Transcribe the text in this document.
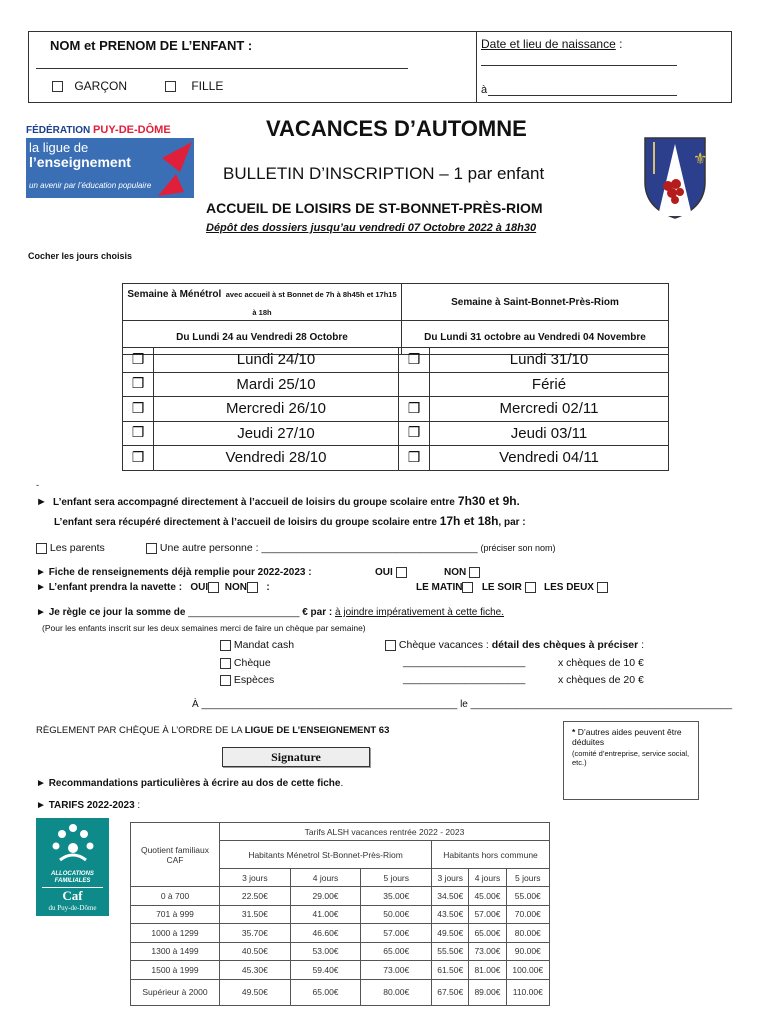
NOM et PRENOM DE L’ENFANT :
GARÇON	FILLE
Date et lieu de naissance :
à
FÉDÉRATION PUY-DE-DÔME
la ligue de
l’enseignement
un avenir par l’éducation populaire
VACANCES D’AUTOMNE
BULLETIN D’INSCRIPTION – 1 par enfant
ACCUEIL DE LOISIRS DE ST-BONNET-PRÈS-RIOM
Dépôt des dossiers jusqu’au vendredi 07 Octobre 2022 à 18h30
⚜
Cocher les jours choisis
Semaine à Ménétrol avec accueil à st Bonnet de 7h à 8h45h et 17h15 à 18h	Semaine à Saint-Bonnet-Près-Riom
Du Lundi 24 au Vendredi 28 Octobre	Du Lundi 31 octobre au Vendredi 04 Novembre
❒	Lundi 24/10	❒	Lundi 31/10
❒	Mardi 25/10		Férié
❒	Mercredi 26/10	❒	Mercredi 02/11
❒	Jeudi 27/10	❒	Jeudi 03/11
❒	Vendredi 28/10	❒	Vendredi 04/11
-
► L’enfant sera accompagné directement à l’accueil de loisirs du groupe scolaire entre 7h30 et 9h.
L’enfant sera récupéré directement à l’accueil de loisirs du groupe scolaire entre 17h et 18h, par :
Les parents	Une autre personne : _____________________________________ (préciser son nom)
► Fiche de renseignements déjà remplie pour 2022-2023 :	OUI	NON
► L’enfant prendra la navette : OUI NON :	LE MATIN LE SOIR LES DEUX
► Je règle ce jour la somme de ____________________ € par : à joindre impérativement à cette fiche.
(Pour les enfants inscrit sur les deux semaines merci de faire un chèque par semaine)
Mandat cash
Chèque
Espèces
Chèque vacances : détail des chèques à préciser :
______________________	x chèques de 10 €
______________________	x chèques de 20 €
À ______________________________________________ le _______________________________________________
RÈGLEMENT PAR CHÈQUE À L’ORDRE DE LA LIGUE DE L’ENSEIGNEMENT 63
Signature
* D’autres aides peuvent être déduites
(comité d’entreprise, service social, etc.)
► Recommandations particulières à écrire au dos de cette fiche.
► TARIFS 2022-2023 :
ALLOCATIONS
FAMILIALES
Caf
du Puy-de-Dôme
Quotient familiaux CAF	Tarifs ALSH vacances rentrée 2022 - 2023					
	Habitants Ménetrol St-Bonnet-Près-Riom			Habitants hors commune		
	3 jours	4 jours	5 jours	3 jours	4 jours	5 jours
0 à 700	22.50€	29.00€	35.00€	34.50€	45.00€	55.00€
701 à 999	31.50€	41.00€	50.00€	43.50€	57.00€	70.00€
1000 à 1299	35.70€	46.60€	57.00€	49.50€	65.00€	80.00€
1300 à 1499	40.50€	53.00€	65.00€	55.50€	73.00€	90.00€
1500 à 1999	45.30€	59.40€	73.00€	61.50€	81.00€	100.00€
Supérieur à 2000	49.50€	65.00€	80.00€	67.50€	89.00€	110.00€
